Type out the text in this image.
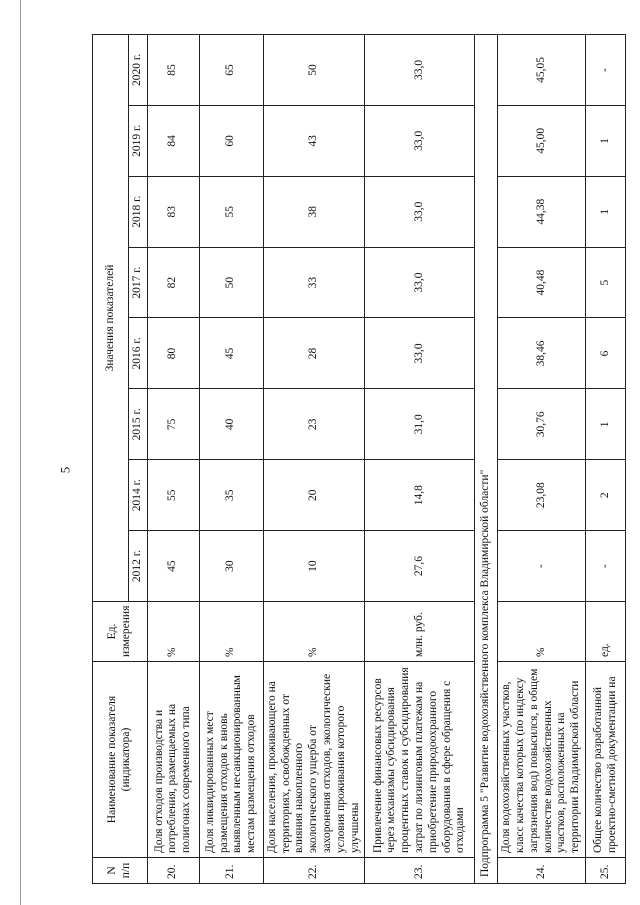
5
N п/п	Наименование показателя (индикатора)	Ед. измерения	Значения показателей							
			2012 г.	2014 г.	2015 г.	2016 г.	2017 г.	2018 г.	2019 г.	2020 г.
20.	Доля отходов производства и потребления, размещаемых на полигонах современного типа	%	45	55	75	80	82	83	84	85
21.	Доля ликвидированных мест размещения отходов к вновь выявленным несанкционированным местам размещения отходов	%	30	35	40	45	50	55	60	65
22.	Доля населения, проживающего на территориях, освобожденных от влияния накопленного экологического ущерба от захоронения отходов, экологические условия проживания которого улучшены	%	10	20	23	28	33	38	43	50
23.	Привлечение финансовых ресурсов через механизмы субсидирования процентных ставок и субсидирования затрат по лизинговым платежам на приобретение природоохранного оборудования в сфере обращения с отходами	млн. руб.	27,6	14,8	31,0	33,0	33,0	33,0	33,0	33,0
Подпрограмма 5 "Развитие водохозяйственного комплекса Владимирской области"										
24.	Доля водохозяйственных участков, класс качества которых (по индексу загрязнения вод) повысился, в общем количестве водохозяйственных участков, расположенных на территории Владимирской области	%	-	23,08	30,76	38,46	40,48	44,38	45,00	45,05
25.	Общее количество разработанной проектно-сметной документации на	ед.	-	2	1	6	5	1	1	-
